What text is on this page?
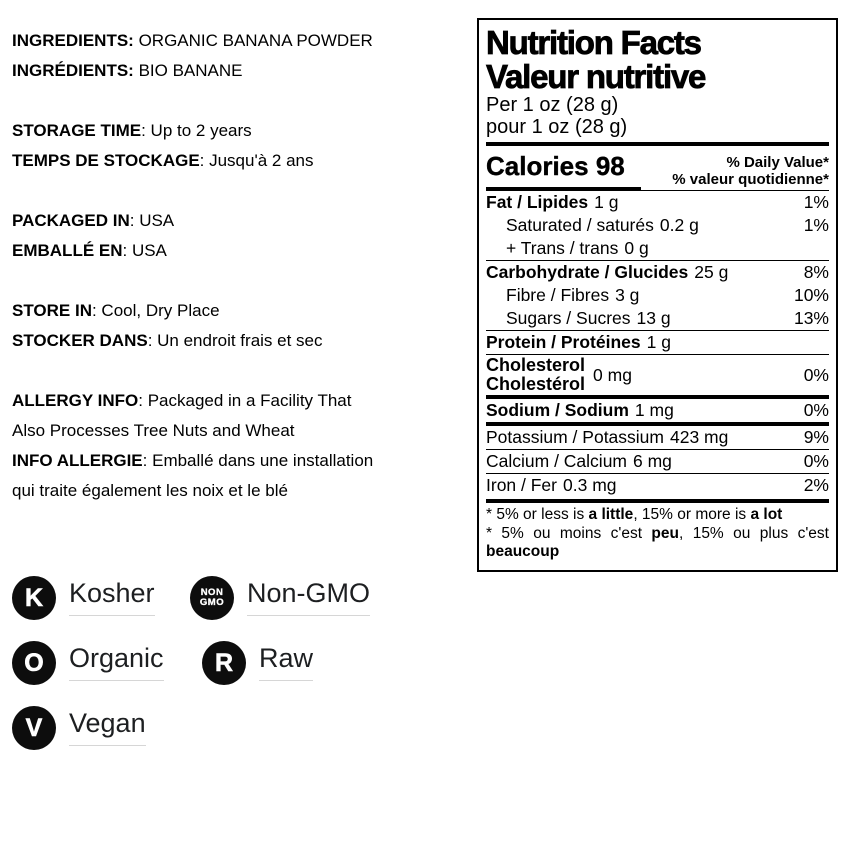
INGREDIENTS: ORGANIC BANANA POWDER
INGRÉDIENTS: BIO BANANE
STORAGE TIME: Up to 2 years
TEMPS DE STOCKAGE: Jusqu'à 2 ans
PACKAGED IN: USA
EMBALLÉ EN: USA
STORE IN: Cool, Dry Place
STOCKER DANS: Un endroit frais et sec
ALLERGY INFO: Packaged in a Facility That
Also Processes Tree Nuts and Wheat
INFO ALLERGIE: Emballé dans une installation
qui traite également les noix et le blé
Nutrition Facts
Valeur nutritive
Per 1 oz (28 g)
pour 1 oz (28 g)
Calories 98	% Daily Value*
% valeur quotidienne*
Fat / Lipides 1 g	1%
Saturated / saturés 0.2 g	1%
+ Trans / trans 0 g
Carbohydrate / Glucides 25 g	8%
Fibre / Fibres 3 g	10%
Sugars / Sucres 13 g	13%
Protein / Protéines 1 g
Cholesterol
Cholestérol 0 mg	0%
Sodium / Sodium 1 mg	0%
Potassium / Potassium 423 mg	9%
Calcium / Calcium 6 mg	0%
Iron / Fer 0.3 mg	2%
* 5% or less is a little, 15% or more is a lot
* 5% ou moins c'est peu, 15% ou plus c'est beaucoup
K Kosher	NON
GMO Non-GMO
O Organic R Raw
V Vegan
